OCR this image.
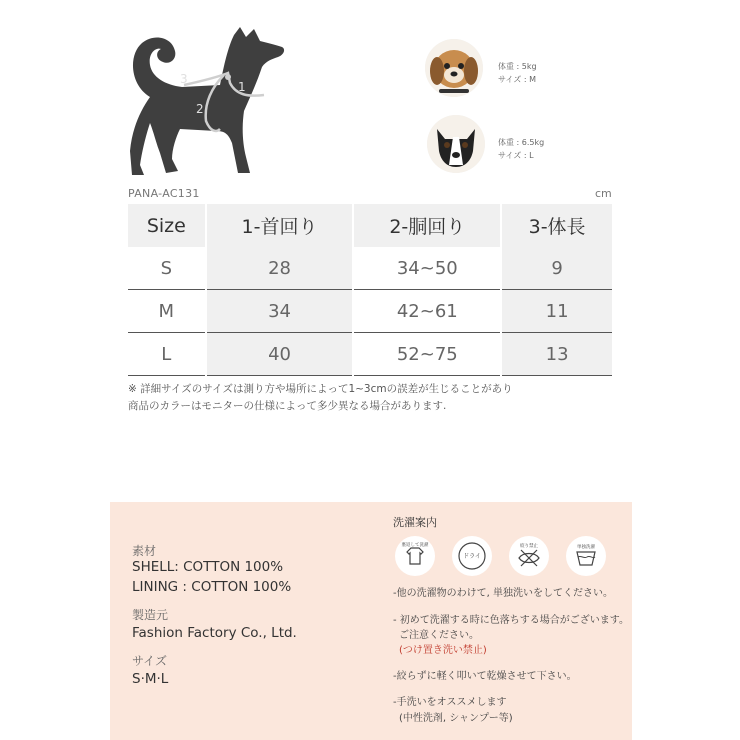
1
2
3
体重 : 5kg
サイズ : M
体重 : 6.5kg
サイズ : L
PANA-AC131	cm
Size	1-首回り	2-胴回り	3-体長
S	28	34~50	9
M	34	42~61	11
L	40	52~75	13
※ 詳細サイズのサイズは測り方や場所によって1~3cmの誤差が生じることがあり
商品のカラーはモニターの仕様によって多少異なる場合があります.
素材
SHELL: COTTON 100%
LINING : COTTON 100%
製造元
Fashion Factory Co., Ltd.
サイズ
S·M·L
洗濯案内
裏返して洗濯
ドライ
絞り禁止	単独洗濯
-他の洗濯物のわけて, 単独洗いをしてください。
- 初めて洗濯する時に色落ちする場合がございます。
ご注意ください。
(つけ置き洗い禁止)
-絞らずに軽く叩いて乾燥させて下さい。
-手洗いをオススメします
(中性洗剤, シャンプー等)
